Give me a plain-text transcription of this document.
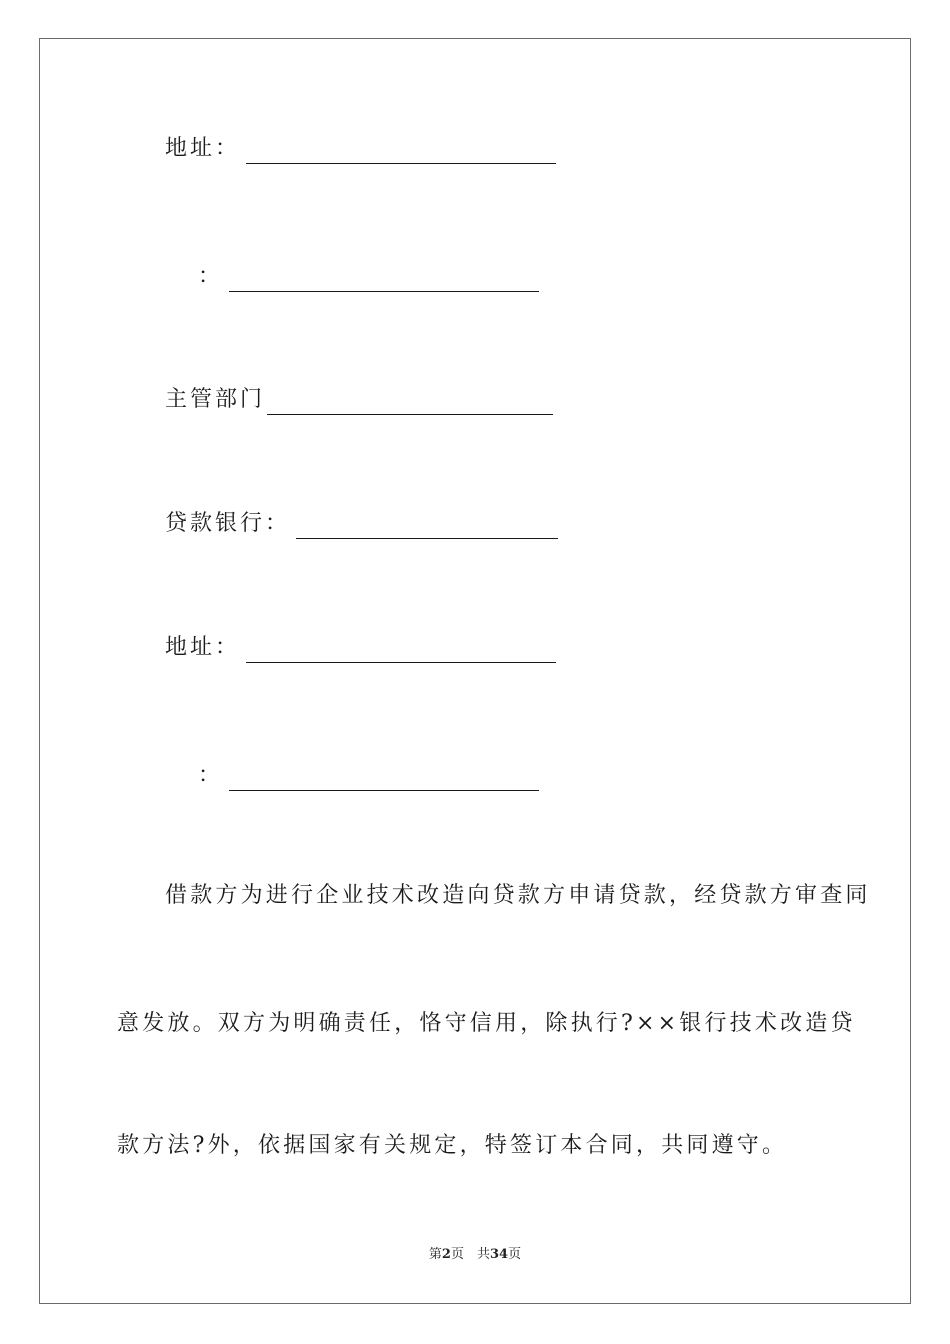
地址：
：
主管部门
贷款银行：
地址：
：
借款方为进行企业技术改造向贷款方申请贷款，经贷款方审查同
意发放。双方为明确责任，恪守信用，除执行?××银行技术改造贷
款方法?外，依据国家有关规定，特签订本合同，共同遵守。
第2页　共34页
